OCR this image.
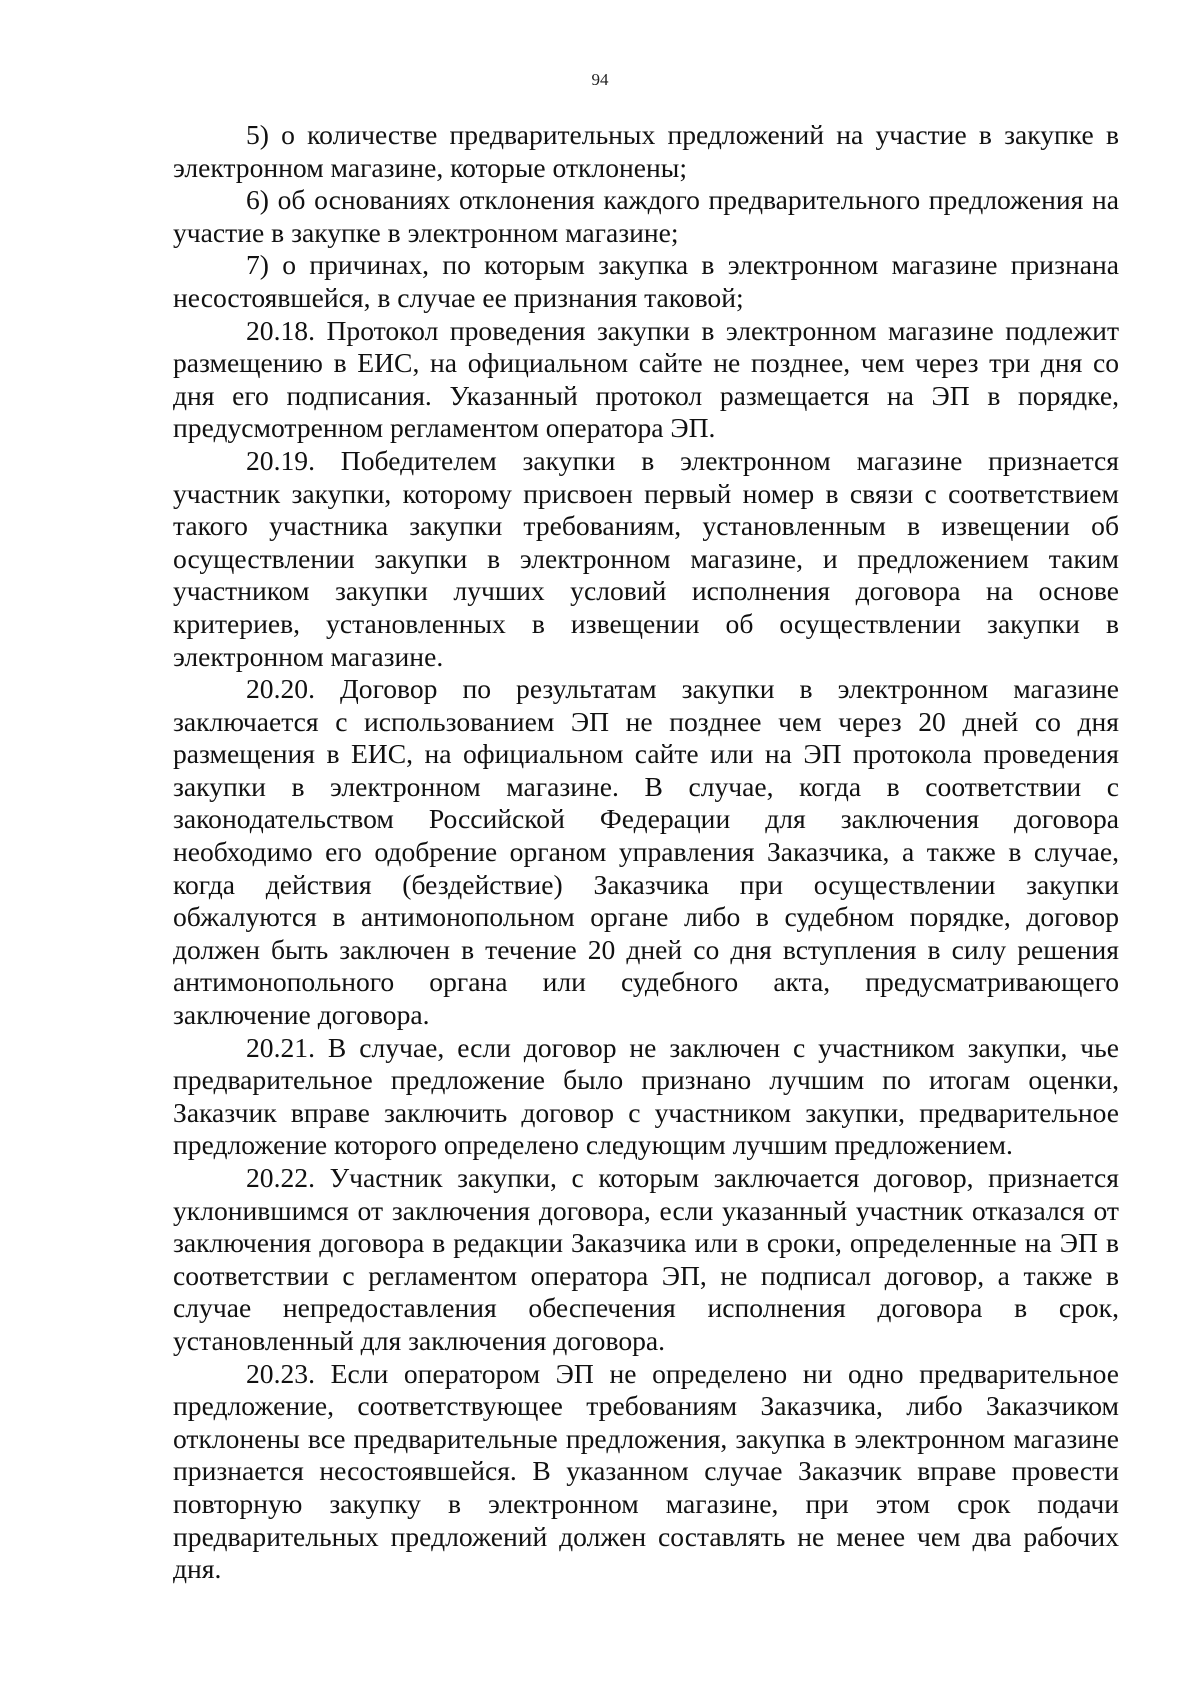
94

5) о количестве предварительных предложений на участие в закупке в электронном магазине, которые отклонены;

6) об основаниях отклонения каждого предварительного предложения на участие в закупке в электронном магазине;

7) о причинах, по которым закупка в электронном магазине признана несостоявшейся, в случае ее признания таковой;

20.18. Протокол проведения закупки в электронном магазине подлежит размещению в ЕИС, на официальном сайте не позднее, чем через три дня со дня его подписания. Указанный протокол размещается на ЭП в порядке, предусмотренном регламентом оператора ЭП.

20.19. Победителем закупки в электронном магазине признается участник закупки, которому присвоен первый номер в связи с соответствием такого участника закупки требованиям, установленным в извещении об осуществлении закупки в электронном магазине, и предложением таким участником закупки лучших условий исполнения договора на основе критериев, установленных в извещении об осуществлении закупки в электронном магазине.

20.20. Договор по результатам закупки в электронном магазине заключается с использованием ЭП не позднее чем через 20 дней со дня размещения в ЕИС, на официальном сайте или на ЭП протокола проведения закупки в электронном магазине. В случае, когда в соответствии с законодательством Российской Федерации для заключения договора необходимо его одобрение органом управления Заказчика, а также в случае, когда действия (бездействие) Заказчика при осуществлении закупки обжалуются в антимонопольном органе либо в судебном порядке, договор должен быть заключен в течение 20 дней со дня вступления в силу решения антимонопольного органа или судебного акта, предусматривающего заключение договора.

20.21. В случае, если договор не заключен с участником закупки, чье предварительное предложение было признано лучшим по итогам оценки, Заказчик вправе заключить договор с участником закупки, предварительное предложение которого определено следующим лучшим предложением.

20.22. Участник закупки, с которым заключается договор, признается уклонившимся от заключения договора, если указанный участник отказался от заключения договора в редакции Заказчика или в сроки, определенные на ЭП в соответствии с регламентом оператора ЭП, не подписал договор, а также в случае непредоставления обеспечения исполнения договора в срок, установленный для заключения договора.

20.23. Если оператором ЭП не определено ни одно предварительное предложение, соответствующее требованиям Заказчика, либо Заказчиком отклонены все предварительные предложения, закупка в электронном магазине признается несостоявшейся. В указанном случае Заказчик вправе провести повторную закупку в электронном магазине, при этом срок подачи предварительных предложений должен составлять не менее чем два рабочих дня.
